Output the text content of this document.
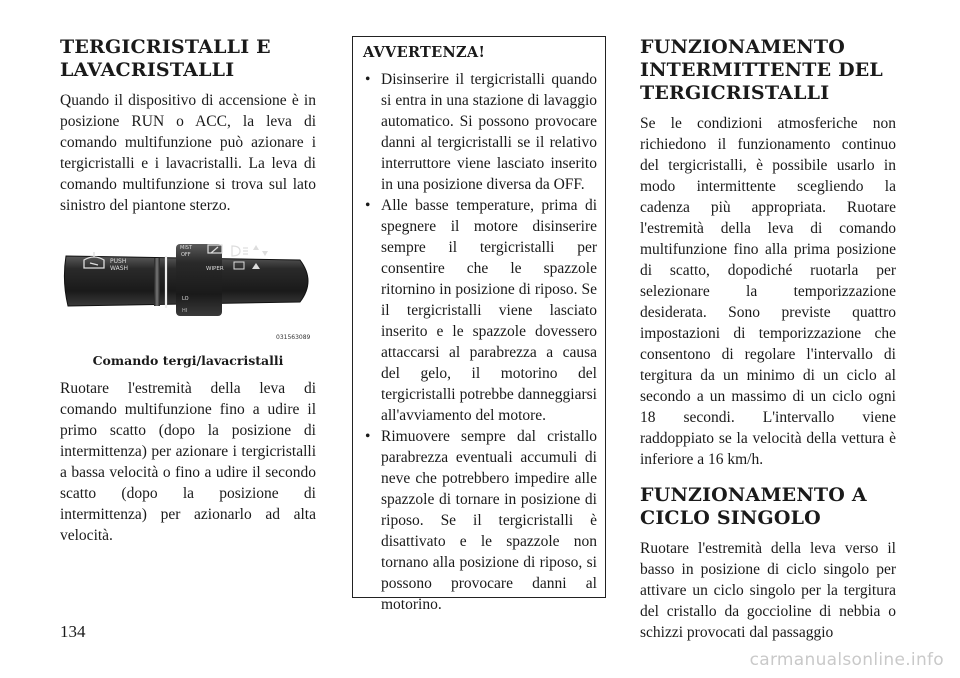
TERGICRISTALLI E LAVACRISTALLI

Quando il dispositivo di accensione è in posizione RUN o ACC, la leva di comando multifunzione può azionare i tergicristalli e i lavacristalli. La leva di comando multifunzione si trova sul lato sinistro del piantone sterzo.

PUSH
WASH
MIST
OFF
WIPER
LO
HI
031563089
Comando tergi/lavacristalli

Ruotare l'estremità della leva di comando multifunzione fino a udire il primo scatto (dopo la posizione di intermittenza) per azionare i tergicristalli a bassa velocità o fino a udire il secondo scatto (dopo la posizione di intermittenza) per azionarlo ad alta velocità.

AVVERTENZA!
• Disinserire il tergicristalli quando si entra in una stazione di lavaggio automatico. Si possono provocare danni al tergicristalli se il relativo interruttore viene lasciato inserito in una posizione diversa da OFF.
• Alle basse temperature, prima di spegnere il motore disinserire sempre il tergicristalli per consentire che le spazzole ritornino in posizione di riposo. Se il tergicristalli viene lasciato inserito e le spazzole dovessero attaccarsi al parabrezza a causa del gelo, il motorino del tergicristalli potrebbe danneggiarsi all'avviamento del motore.
• Rimuovere sempre dal cristallo parabrezza eventuali accumuli di neve che potrebbero impedire alle spazzole di tornare in posizione di riposo. Se il tergicristalli è disattivato e le spazzole non tornano alla posizione di riposo, si possono provocare danni al motorino.
FUNZIONAMENTO INTERMITTENTE DEL TERGICRISTALLI

Se le condizioni atmosferiche non richiedono il funzionamento continuo del tergicristalli, è possibile usarlo in modo intermittente scegliendo la cadenza più appropriata. Ruotare l'estremità della leva di comando multifunzione fino alla prima posizione di scatto, dopodiché ruotarla per selezionare la temporizzazione desiderata. Sono previste quattro impostazioni di temporizzazione che consentono di regolare l'intervallo di tergitura da un minimo di un ciclo al secondo a un massimo di un ciclo ogni 18 secondi. L'intervallo viene raddoppiato se la velocità della vettura è inferiore a 16 km/h.

FUNZIONAMENTO A CICLO SINGOLO

Ruotare l'estremità della leva verso il basso in posizione di ciclo singolo per attivare un ciclo singolo per la tergitura del cristallo da goccioline di nebbia o schizzi provocati dal passaggio

134
carmanualsonline.info
